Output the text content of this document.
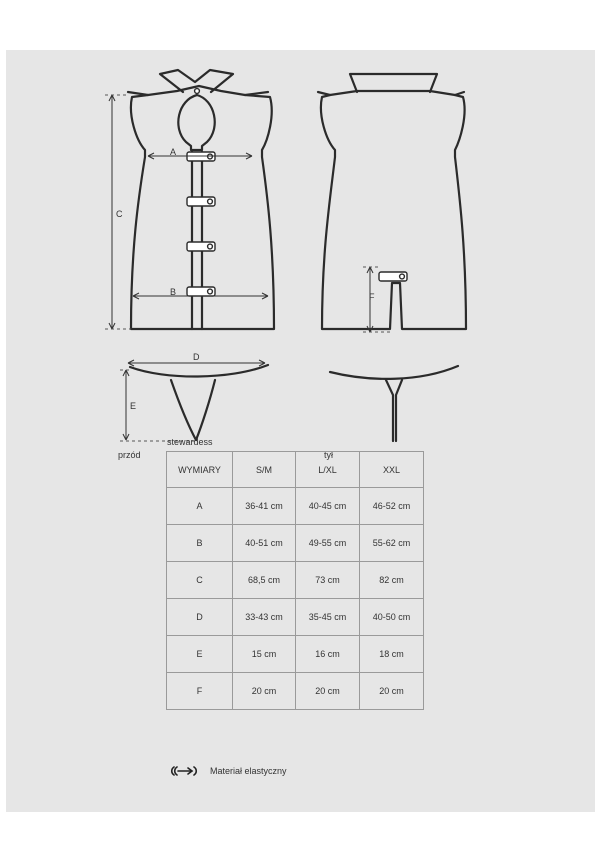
A
B
C
D
E
F
przód	tył
stewardess
WYMIARY	S/M	L/XL	XXL
A	36-41 cm	40-45 cm	46-52 cm
B	40-51 cm	49-55 cm	55-62 cm
C	68,5 cm	73 cm	82 cm
D	33-43 cm	35-45 cm	40-50 cm
E	15 cm	16 cm	18 cm
F	20 cm	20 cm	20 cm
Materiał elastyczny
